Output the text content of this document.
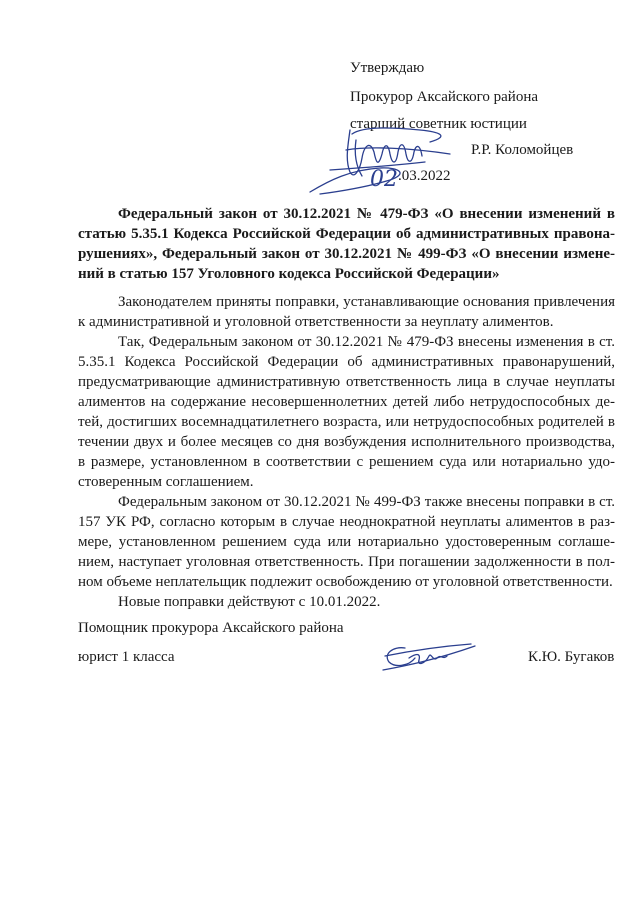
Утверждаю
Прокурор Аксайского района
старший советник юстиции
Р.Р. Коломойцев
02 .03.2022
Федеральный закон от 30.12.2021 № 479-ФЗ «О внесении изменений в
статью 5.35.1 Кодекса Российской Федерации об административных правона-
рушениях», Федеральный закон от 30.12.2021 № 499-ФЗ «О внесении измене-
ний в статью 157 Уголовного кодекса Российской Федерации»
Законодателем приняты поправки, устанавливающие основания привлечения
к административной и уголовной ответственности за неуплату алиментов.
Так, Федеральным законом от 30.12.2021 № 479-ФЗ внесены изменения в ст.
5.35.1 Кодекса Российской Федерации об административных правонарушений,
предусматривающие административную ответственность лица в случае неуплаты
алиментов на содержание несовершеннолетних детей либо нетрудоспособных де-
тей, достигших восемнадцатилетнего возраста, или нетрудоспособных родителей в
течении двух и более месяцев со дня возбуждения исполнительного производства,
в размере, установленном в соответствии с решением суда или нотариально удо-
стоверенным соглашением.
Федеральным законом от 30.12.2021 № 499-ФЗ также внесены поправки в ст.
157 УК РФ, согласно которым в случае неоднократной неуплаты алиментов в раз-
мере, установленном решением суда или нотариально удостоверенным соглаше-
нием, наступает уголовная ответственность. При погашении задолженности в пол-
ном объеме неплательщик подлежит освобождению от уголовной ответственности.
Новые поправки действуют с 10.01.2022.
Помощник прокурора Аксайского района
юрист 1 класса	К.Ю. Бугаков
